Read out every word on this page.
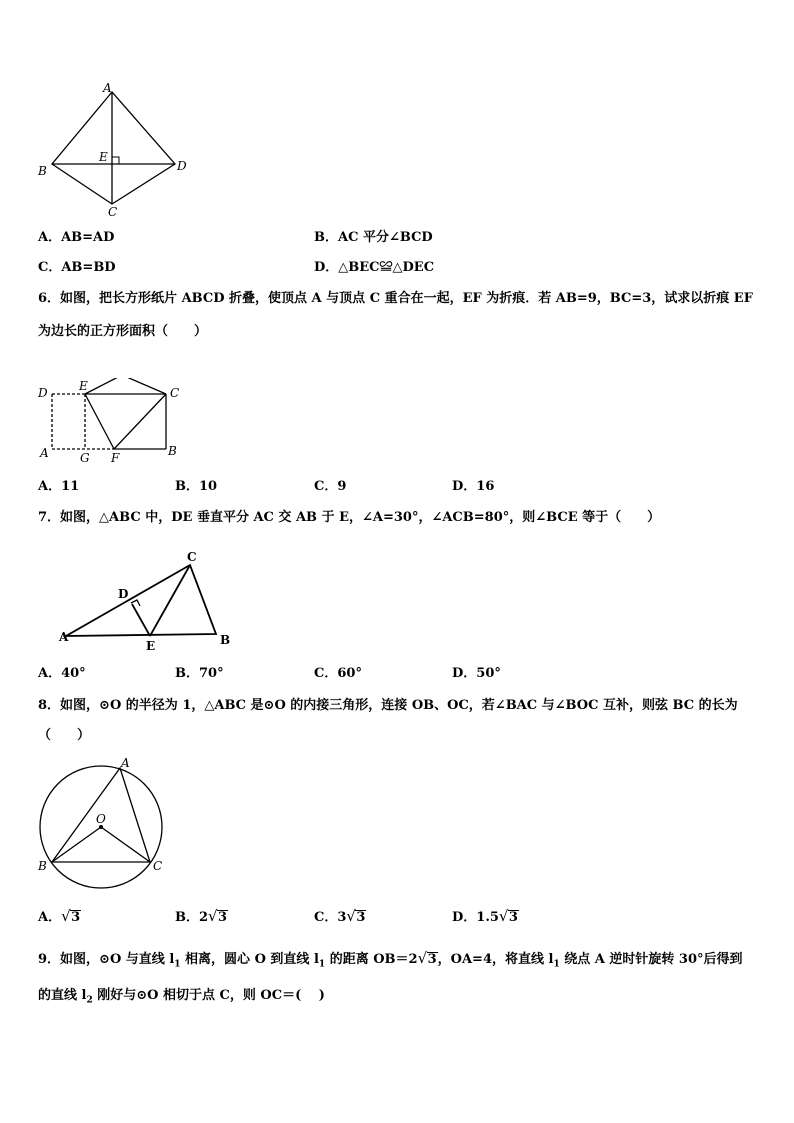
A
B
C
D
E
A．AB=AD	B．AC 平分∠BCD
C．AB=BD	D．△BEC≌△DEC
6．如图，把长方形纸片 ABCD 折叠，使顶点 A 与顶点 C 重合在一起，EF 为折痕．若 AB=9，BC=3，试求以折痕 EF
为边长的正方形面积（　　）
D	E	C
A	G F	B
A．11	B．10	C．9	D．16
7．如图，△ABC 中，DE 垂直平分 AC 交 AB 于 E，∠A=30°，∠ACB=80°，则∠BCE 等于（　　）
A	B
C
D
E
A．40°	B．70°	C．60°	D．50°
8．如图，⊙O 的半径为 1，△ABC 是⊙O 的内接三角形，连接 OB、OC，若∠BAC 与∠BOC 互补，则弦 BC 的长为
（　　）
A
B	C
O
A． √ 3	B．2 √ 3	C．3 √ 3	D．1.5 √ 3
9．如图，⊙O 与直线 $l_1$ 相离，圆心 O 到直线 $l_1$ 的距离 OB＝2 √ 3，OA=4，将直线 $l_1$ 绕点 A 逆时针旋转 30°后得到
的直线 $l_2$ 刚好与⊙O 相切于点 C，则 OC＝(　 )
